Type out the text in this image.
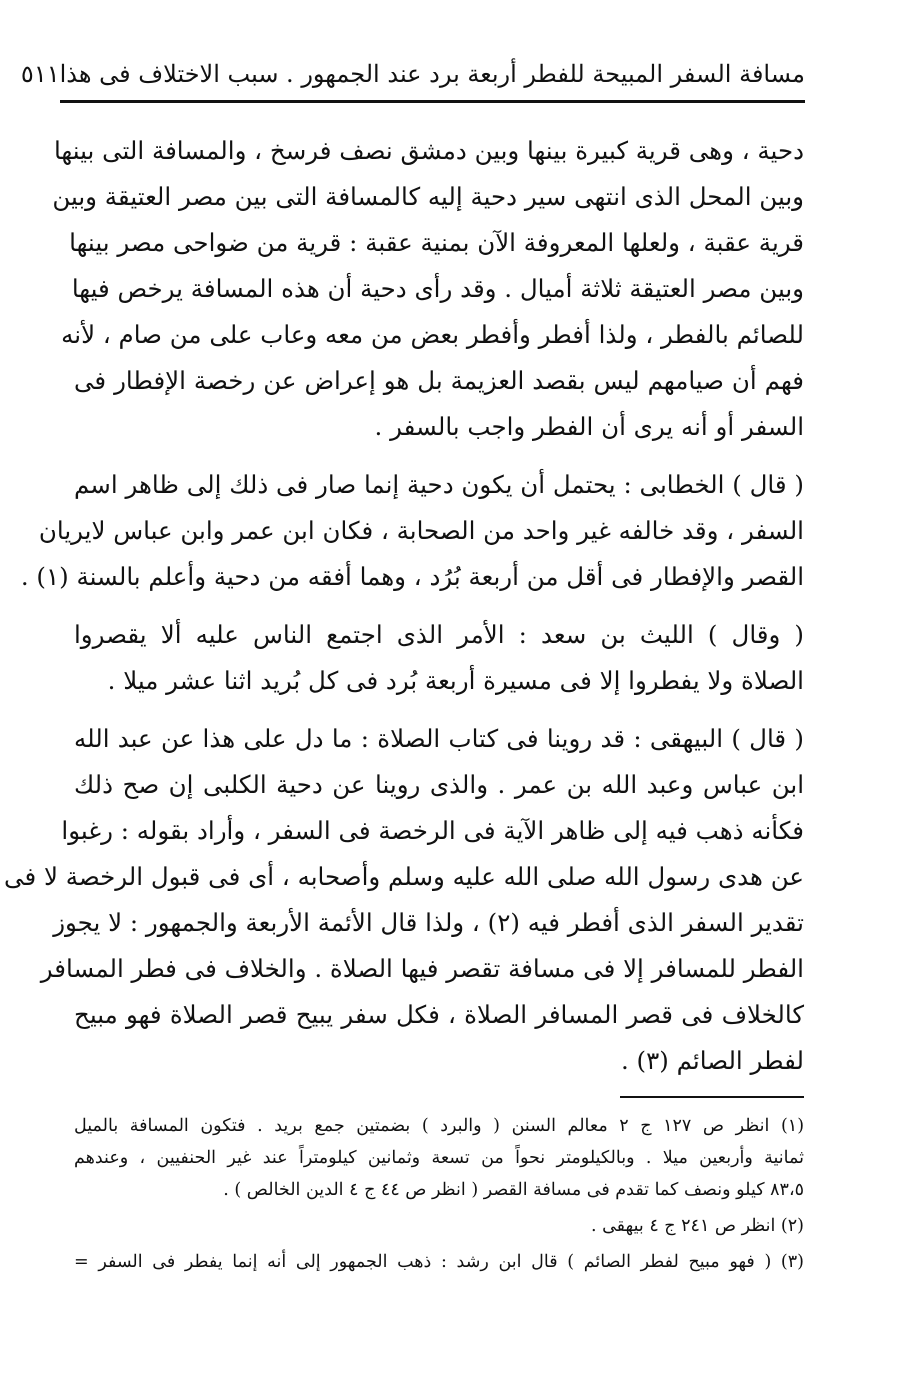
مسافة السفر المبيحة للفطر أربعة برد عند الجمهور . سبب الاختلاف فى هذا
٥١١

دحية ، وهى قرية كبيرة بينها وبين دمشق نصف فرسخ ، والمسافة التى بينها
وبين المحل الذى انتهى سير دحية إليه كالمسافة التى بين مصر العتيقة وبين
قرية عقبة ، ولعلها المعروفة الآن بمنية عقبة : قرية من ضواحى مصر بينها
وبين مصر العتيقة ثلاثة أميال . وقد رأى دحية أن هذه المسافة يرخص فيها
للصائم بالفطر ، ولذا أفطر وأفطر بعض من معه وعاب على من صام ، لأنه
فهم أن صيامهم ليس بقصد العزيمة بل هو إعراض عن رخصة الإفطار فى
السفر أو أنه يرى أن الفطر واجب بالسفر .

( قال ) الخطابى : يحتمل أن يكون دحية إنما صار فى ذلك إلى ظاهر اسم
السفر ، وقد خالفه غير واحد من الصحابة ، فكان ابن عمر وابن عباس لايريان
القصر والإفطار فى أقل من أربعة بُرُد ، وهما أفقه من دحية وأعلم بالسنة (١) .

( وقال ) الليث بن سعد : الأمر الذى اجتمع الناس عليه ألا يقصروا
الصلاة ولا يفطروا إلا فى مسيرة أربعة بُرد فى كل بُريد اثنا عشر ميلا .

( قال ) البيهقى : قد روينا فى كتاب الصلاة : ما دل على هذا عن عبد الله
ابن عباس وعبد الله بن عمر . والذى روينا عن دحية الكلبى إن صح ذلك
فكأنه ذهب فيه إلى ظاهر الآية فى الرخصة فى السفر ، وأراد بقوله : رغبوا
عن هدى رسول الله صلى الله عليه وسلم وأصحابه ، أى فى قبول الرخصة لا فى
تقدير السفر الذى أفطر فيه (٢) ، ولذا قال الأئمة الأربعة والجمهور : لا يجوز
الفطر للمسافر إلا فى مسافة تقصر فيها الصلاة . والخلاف فى فطر المسافر
كالخلاف فى قصر المسافر الصلاة ، فكل سفر يبيح قصر الصلاة فهو مبيح
لفطر الصائم (٣) .

(١) انظر ص ١٢٧ ج ٢ معالم السنن ( والبرد ) بضمتين جمع بريد . فتكون المسافة بالميل
ثمانية وأربعين ميلا . وبالكيلومتر نحواً من تسعة وثمانين كيلومتراً عند غير الحنفيين ، وعندهم
٨٣،٥ كيلو ونصف كما تقدم فى مسافة القصر ( انظر ص ٤٤ ج ٤ الدين الخالص ) .
(٢) انظر ص ٢٤١ ج ٤ بيهقى .
(٣) ( فهو مبيح لفطر الصائم ) قال ابن رشد : ذهب الجمهور إلى أنه إنما يفطر فى السفر =
